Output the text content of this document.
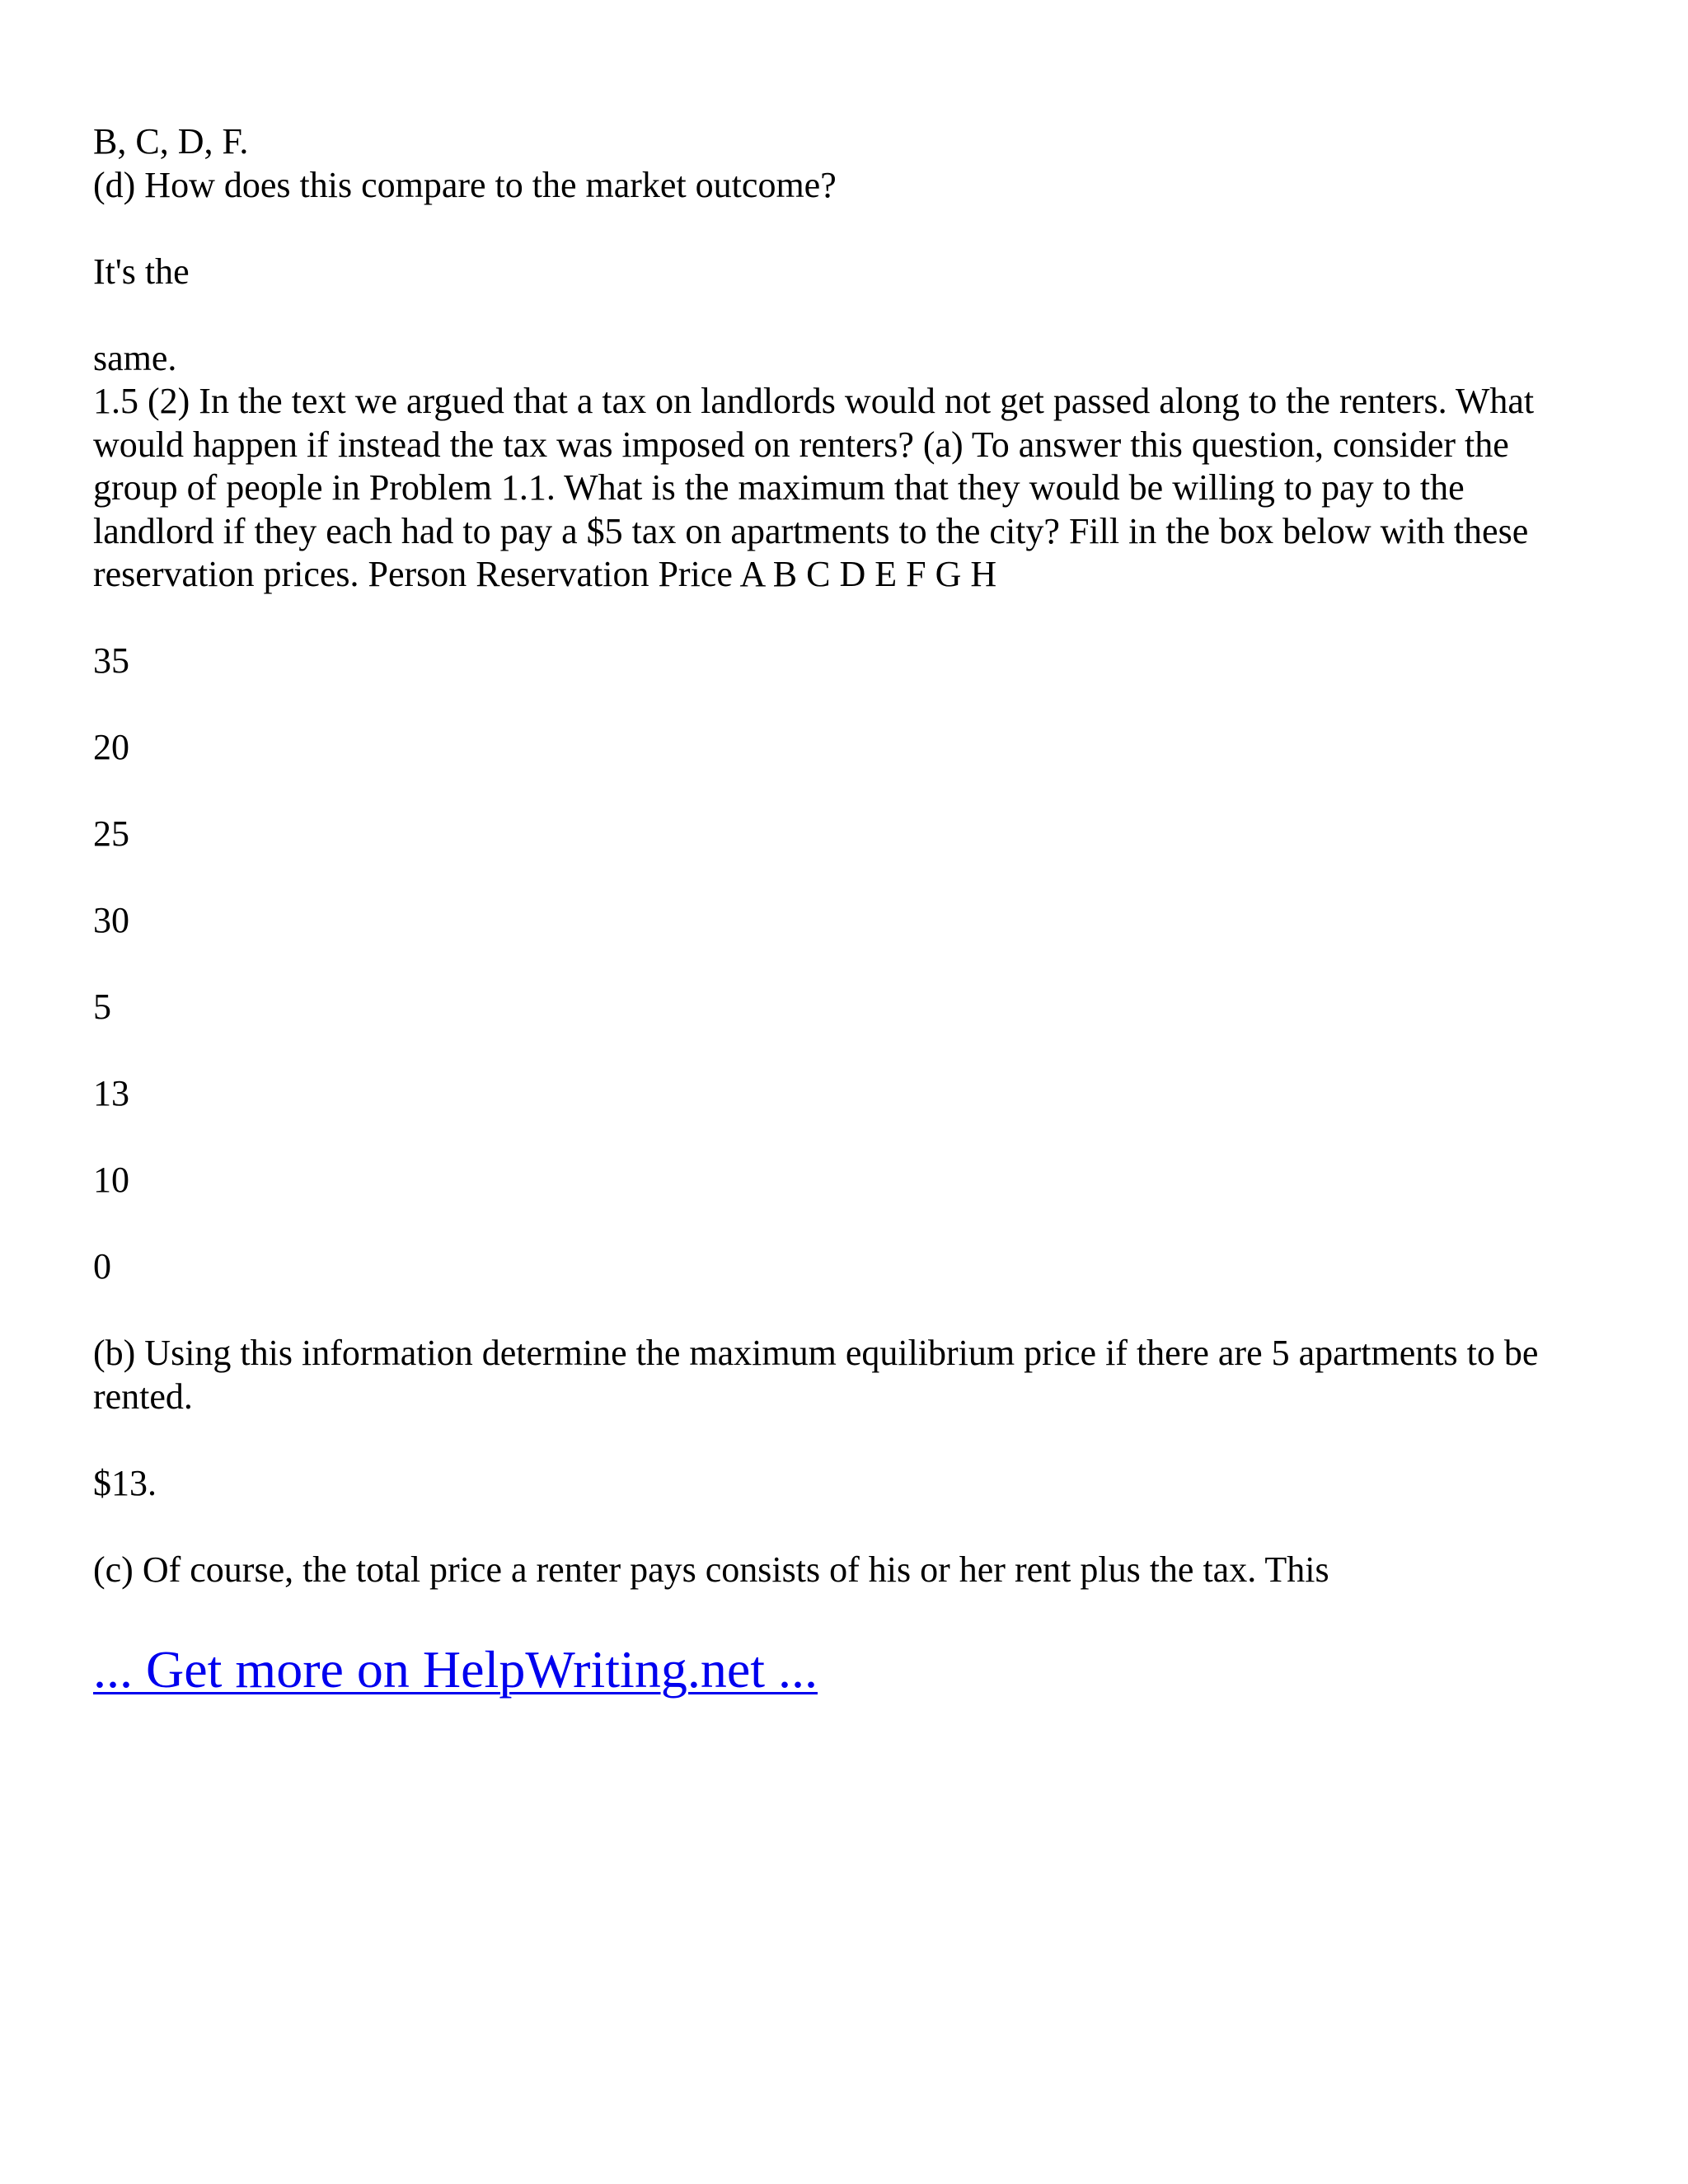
B, C, D, F.
(d) How does this compare to the market outcome?
It's the
same.
1.5 (2) In the text we argued that a tax on landlords would not get passed along to the renters. What
would happen if instead the tax was imposed on renters? (a) To answer this question, consider the
group of people in Problem 1.1. What is the maximum that they would be willing to pay to the
landlord if they each had to pay a $5 tax on apartments to the city? Fill in the box below with these
reservation prices. Person Reservation Price A B C D E F G H
35
20
25
30
5
13
10
0
(b) Using this information determine the maximum equilibrium price if there are 5 apartments to be
rented.
$13.
(c) Of course, the total price a renter pays consists of his or her rent plus the tax. This
... Get more on HelpWriting.net ...
